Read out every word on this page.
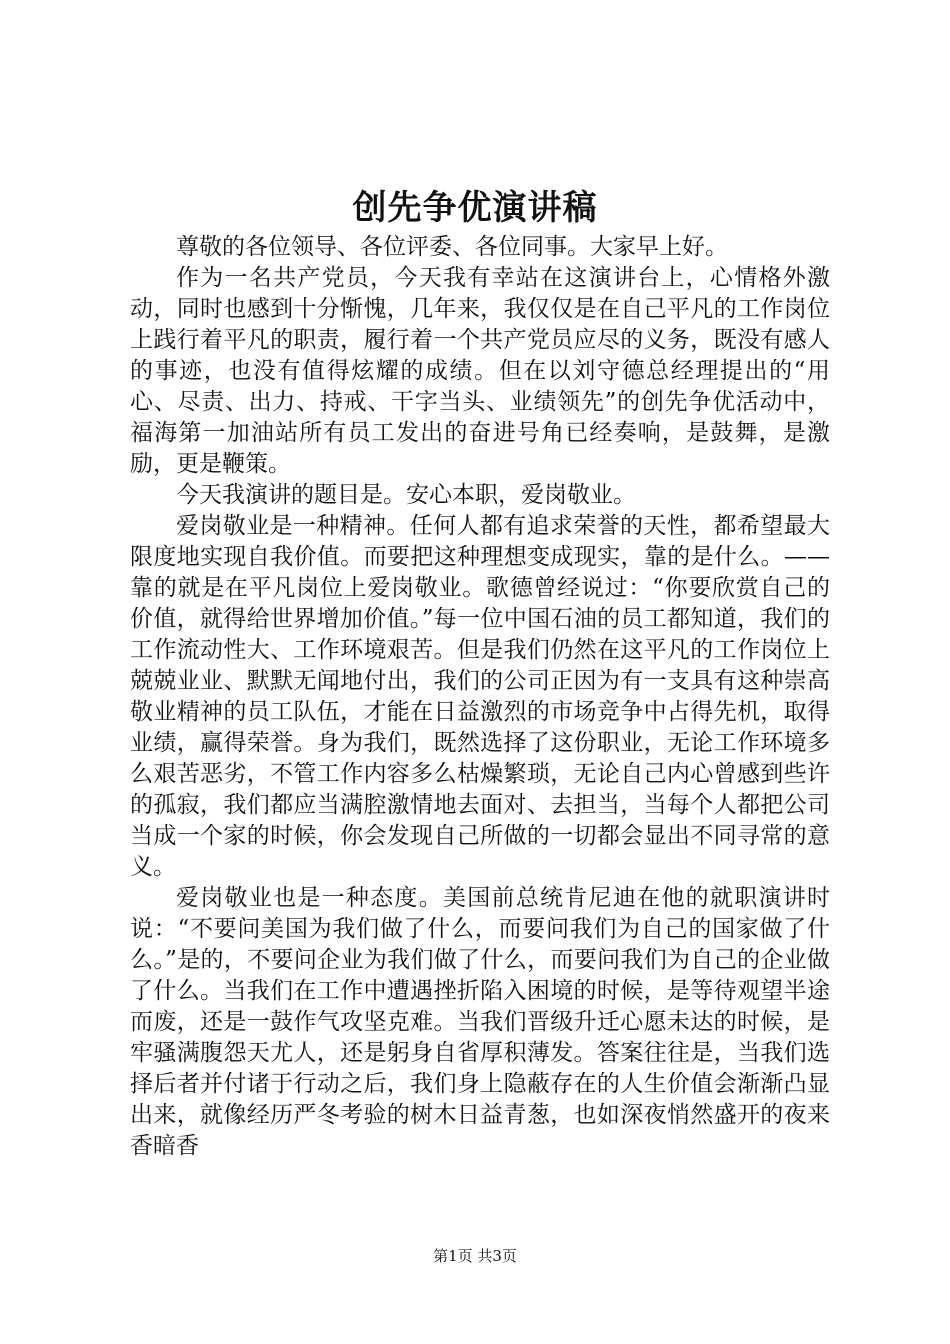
创先争优演讲稿

尊敬的各位领导、各位评委、各位同事。大家早上好。

作为一名共产党员，今天我有幸站在这演讲台上，心情格外激动，同时也感到十分惭愧，几年来，我仅仅是在自己平凡的工作岗位上践行着平凡的职责，履行着一个共产党员应尽的义务，既没有感人的事迹，也没有值得炫耀的成绩。但在以刘守德总经理提出的“用心、尽责、出力、持戒、干字当头、业绩领先”的创先争优活动中，福海第一加油站所有员工发出的奋进号角已经奏响，是鼓舞，是激励，更是鞭策。

今天我演讲的题目是。安心本职，爱岗敬业。

爱岗敬业是一种精神。任何人都有追求荣誉的天性，都希望最大限度地实现自我价值。而要把这种理想变成现实，靠的是什么。——靠的就是在平凡岗位上爱岗敬业。歌德曾经说过：“你要欣赏自己的价值，就得给世界增加价值。”每一位中国石油的员工都知道，我们的工作流动性大、工作环境艰苦。但是我们仍然在这平凡的工作岗位上兢兢业业、默默无闻地付出，我们的公司正因为有一支具有这种崇高敬业精神的员工队伍，才能在日益激烈的市场竞争中占得先机，取得业绩，赢得荣誉。身为我们，既然选择了这份职业，无论工作环境多么艰苦恶劣，不管工作内容多么枯燥繁琐，无论自己内心曾感到些许的孤寂，我们都应当满腔激情地去面对、去担当，当每个人都把公司当成一个家的时候，你会发现自己所做的一切都会显出不同寻常的意义。

爱岗敬业也是一种态度。美国前总统肯尼迪在他的就职演讲时说：“不要问美国为我们做了什么，而要问我们为自己的国家做了什么。”是的，不要问企业为我们做了什么，而要问我们为自己的企业做了什么。当我们在工作中遭遇挫折陷入困境的时候，是等待观望半途而废，还是一鼓作气攻坚克难。当我们晋级升迁心愿未达的时候，是牢骚满腹怨天尤人，还是躬身自省厚积薄发。答案往往是，当我们选择后者并付诸于行动之后，我们身上隐蔽存在的人生价值会渐渐凸显出来，就像经历严冬考验的树木日益青葱，也如深夜悄然盛开的夜来香暗香

第1页 共3页
